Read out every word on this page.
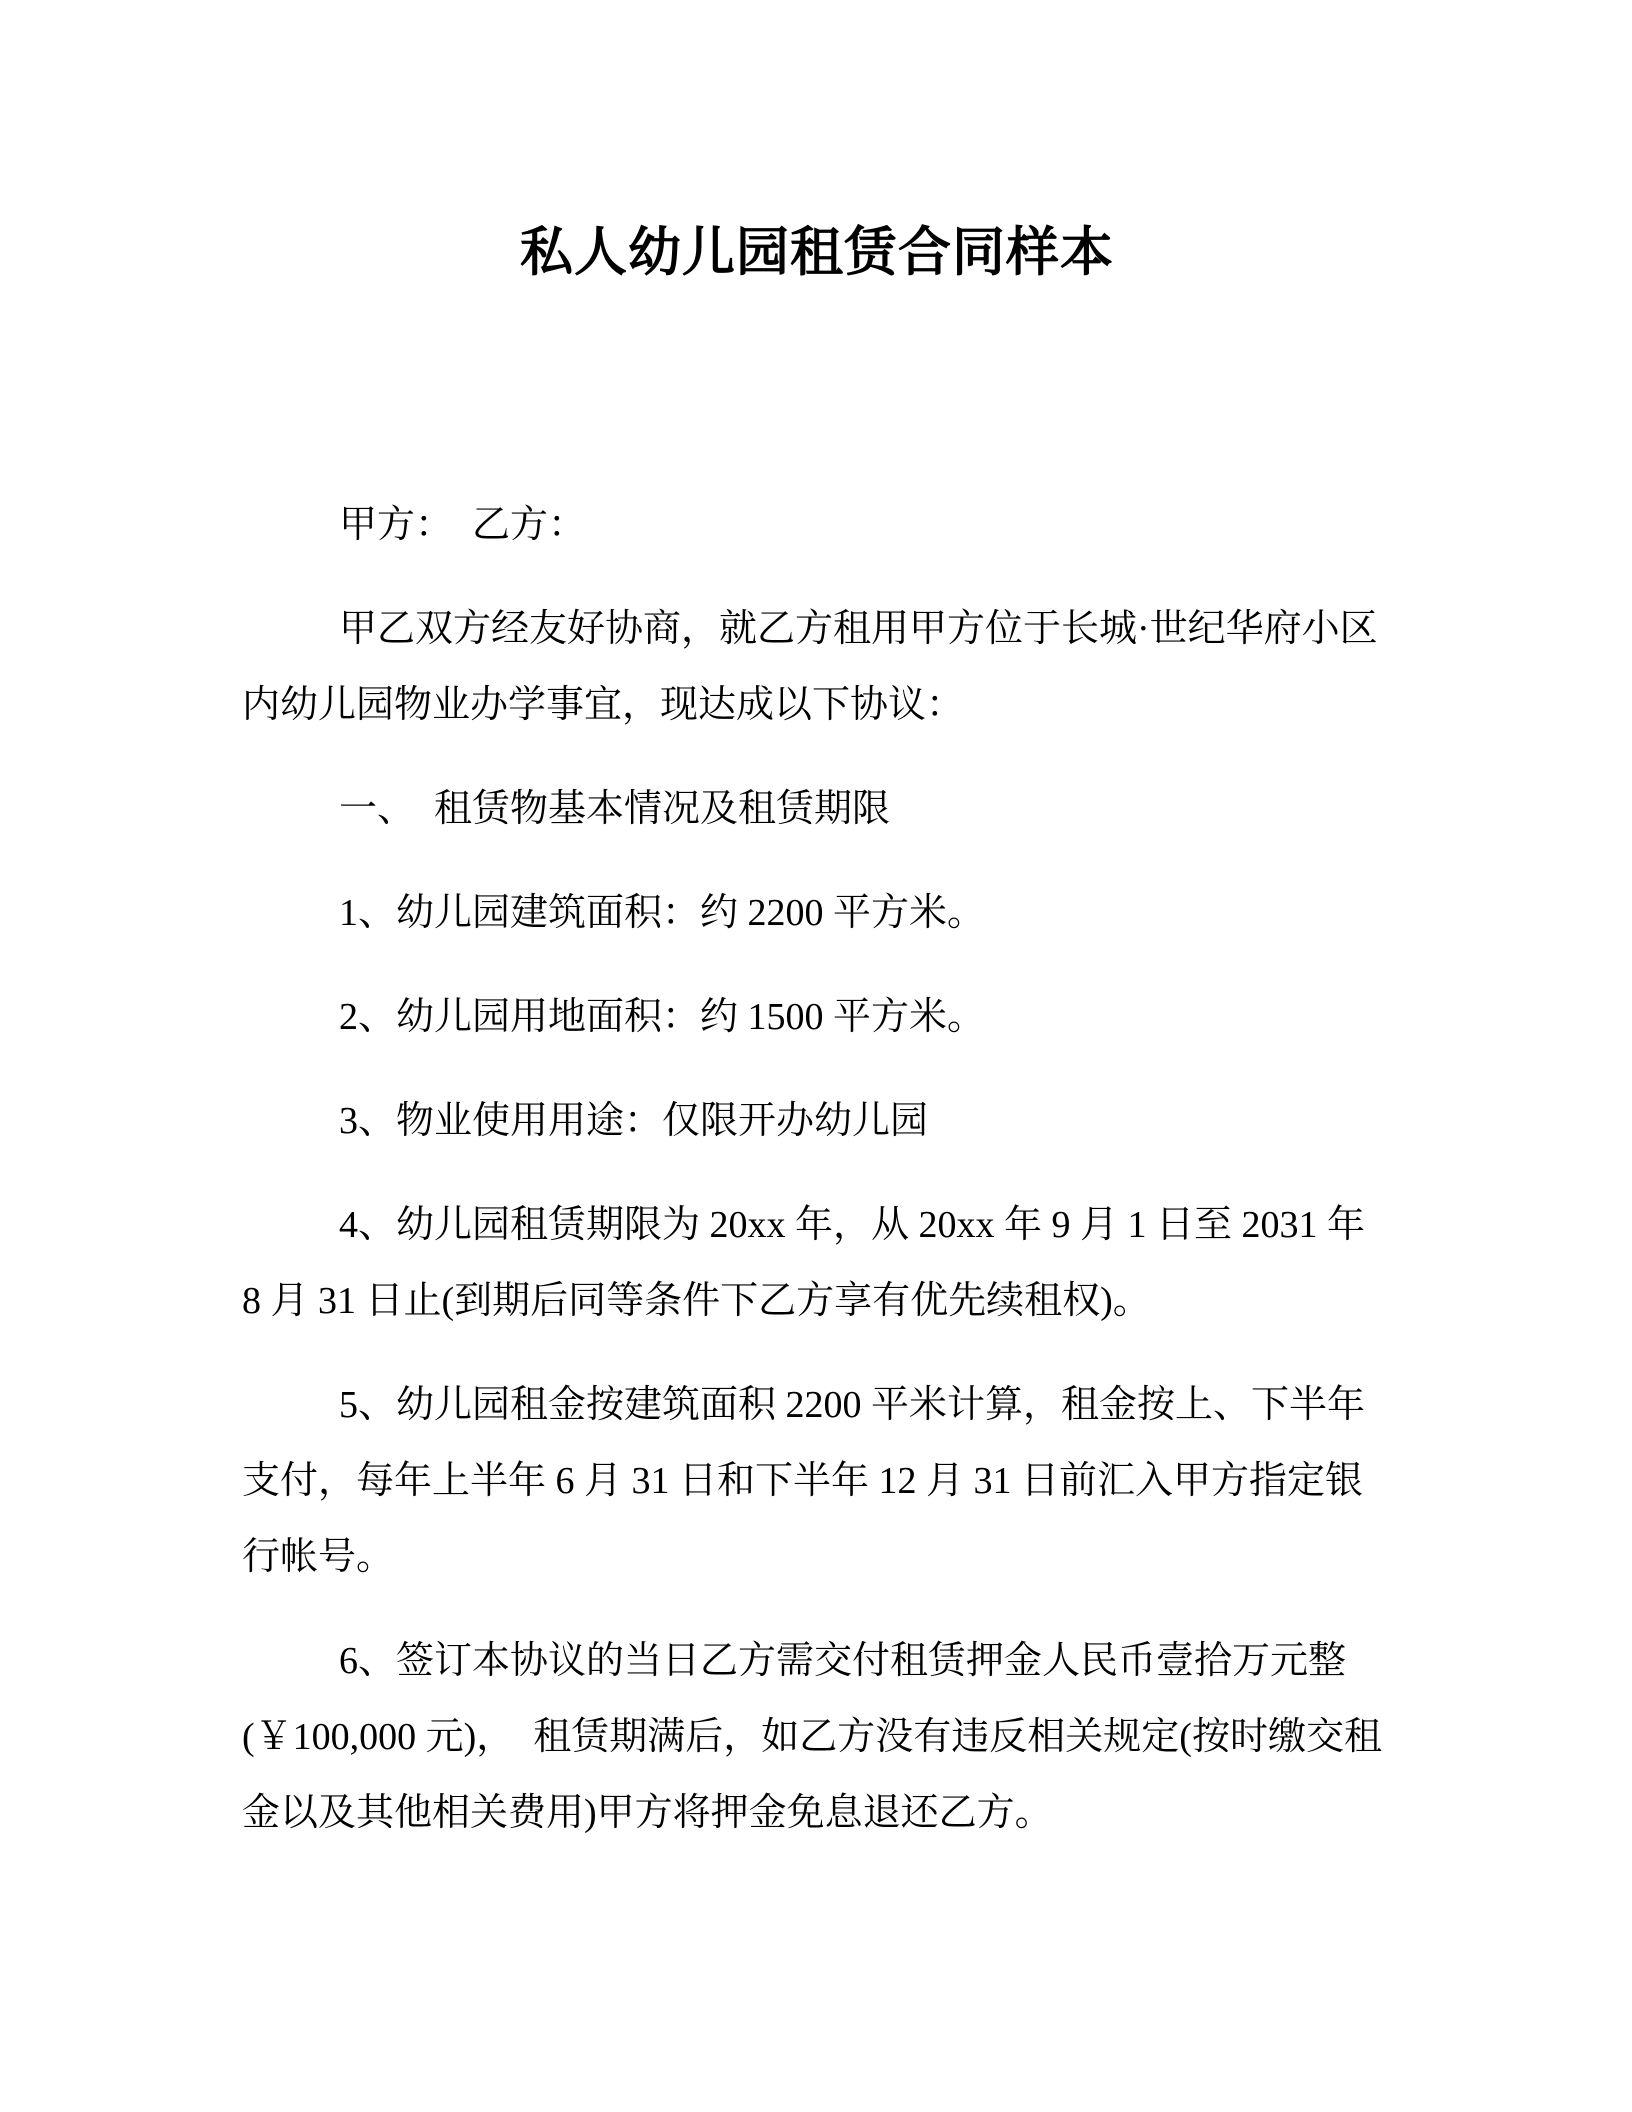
私人幼儿园租赁合同样本
甲方：　乙方：
甲乙双方经友好协商，就乙方租用甲方位于长城·世纪华府小区
内幼儿园物业办学事宜，现达成以下协议：
一、　租赁物基本情况及租赁期限
1、幼儿园建筑面积：约 2200 平方米。
2、幼儿园用地面积：约 1500 平方米。
3、物业使用用途：仅限开办幼儿园
4、幼儿园租赁期限为 20xx 年，从 20xx 年 9 月 1 日至 2031 年
8 月 31 日止(到期后同等条件下乙方享有优先续租权)。
5、幼儿园租金按建筑面积 2200 平米计算，租金按上、下半年
支付，每年上半年 6 月 31 日和下半年 12 月 31 日前汇入甲方指定银
行帐号。
6、签订本协议的当日乙方需交付租赁押金人民币壹拾万元整
(￥100,000 元)，　租赁期满后，如乙方没有违反相关规定(按时缴交租
金以及其他相关费用)甲方将押金免息退还乙方。
